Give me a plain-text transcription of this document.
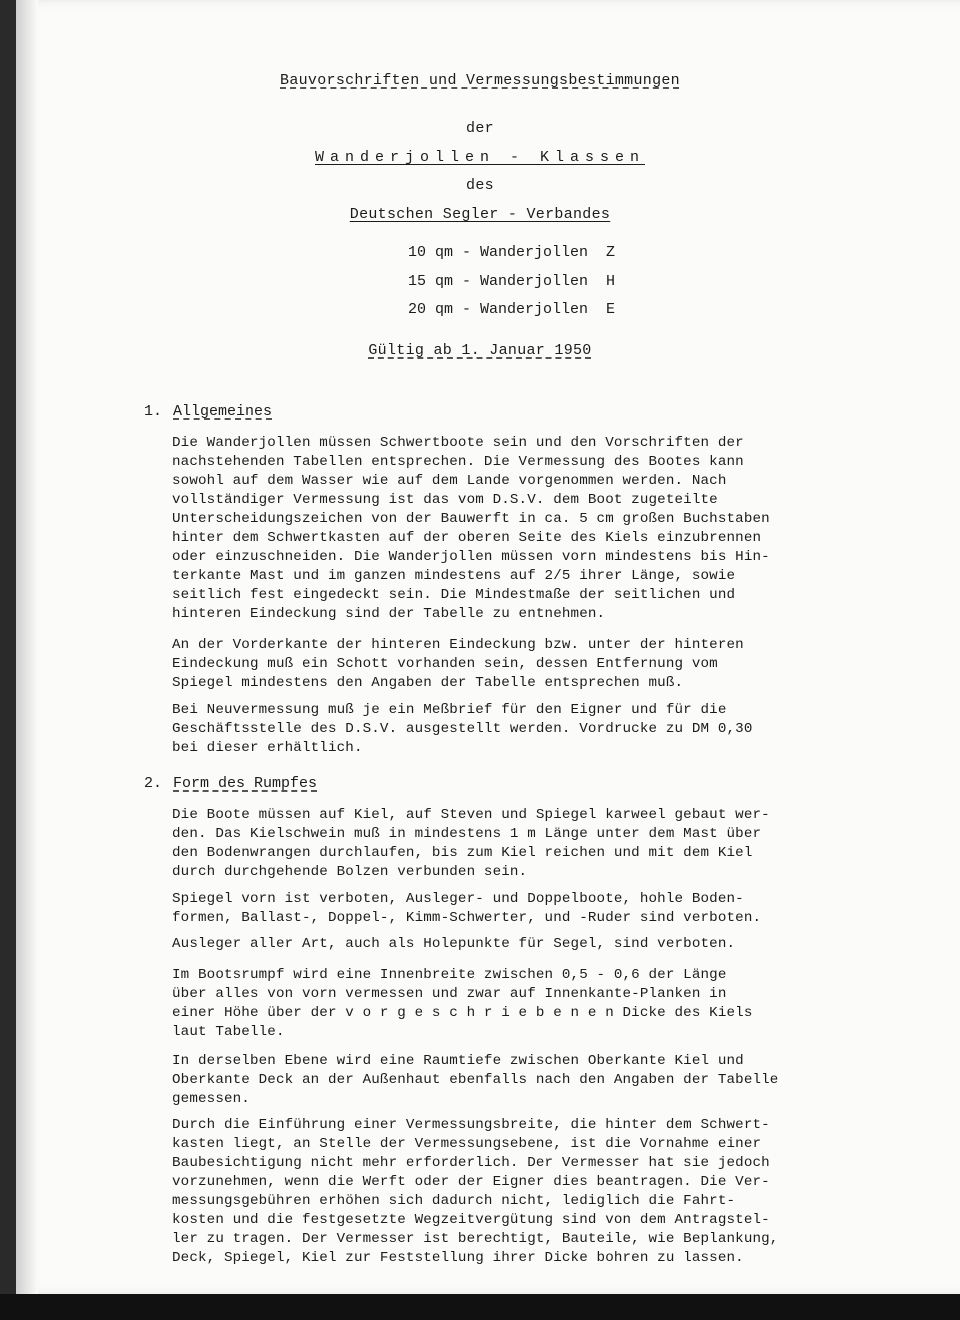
Bauvorschriften und Vermessungsbestimmungen
der
Wanderjollen - Klassen
des
Deutschen Segler - Verbandes
10 qm - Wanderjollen  Z
15 qm - Wanderjollen  H
20 qm - Wanderjollen  E
Gültig ab 1. Januar 1950
1. Allgemeines

Die Wanderjollen müssen Schwertboote sein und den Vorschriften der
nachstehenden Tabellen entsprechen. Die Vermessung des Bootes kann
sowohl auf dem Wasser wie auf dem Lande vorgenommen werden. Nach
vollständiger Vermessung ist das vom D.S.V. dem Boot zugeteilte
Unterscheidungszeichen von der Bauwerft in ca. 5 cm großen Buchstaben
hinter dem Schwertkasten auf der oberen Seite des Kiels einzubrennen
oder einzuschneiden. Die Wanderjollen müssen vorn mindestens bis Hin-
terkante Mast und im ganzen mindestens auf 2/5 ihrer Länge, sowie
seitlich fest eingedeckt sein. Die Mindestmaße der seitlichen und
hinteren Eindeckung sind der Tabelle zu entnehmen.

An der Vorderkante der hinteren Eindeckung bzw. unter der hinteren
Eindeckung muß ein Schott vorhanden sein, dessen Entfernung vom
Spiegel mindestens den Angaben der Tabelle entsprechen muß.

Bei Neuvermessung muß je ein Meßbrief für den Eigner und für die
Geschäftsstelle des D.S.V. ausgestellt werden. Vordrucke zu DM 0,30
bei dieser erhältlich.

2. Form des Rumpfes

Die Boote müssen auf Kiel, auf Steven und Spiegel karweel gebaut wer-
den. Das Kielschwein muß in mindestens 1 m Länge unter dem Mast über
den Bodenwrangen durchlaufen, bis zum Kiel reichen und mit dem Kiel
durch durchgehende Bolzen verbunden sein.

Spiegel vorn ist verboten, Ausleger- und Doppelboote, hohle Boden-
formen, Ballast-, Doppel-, Kimm-Schwerter, und -Ruder sind verboten.

Ausleger aller Art, auch als Holepunkte für Segel, sind verboten.

Im Bootsrumpf wird eine Innenbreite zwischen 0,5 - 0,6 der Länge
über alles von vorn vermessen und zwar auf Innenkante-Planken in
einer Höhe über der v o r g e s c h r i e b e n e n Dicke des Kiels
laut Tabelle.

In derselben Ebene wird eine Raumtiefe zwischen Oberkante Kiel und
Oberkante Deck an der Außenhaut ebenfalls nach den Angaben der Tabelle
gemessen.

Durch die Einführung einer Vermessungsbreite, die hinter dem Schwert-
kasten liegt, an Stelle der Vermessungsebene, ist die Vornahme einer
Baubesichtigung nicht mehr erforderlich. Der Vermesser hat sie jedoch
vorzunehmen, wenn die Werft oder der Eigner dies beantragen. Die Ver-
messungsgebühren erhöhen sich dadurch nicht, lediglich die Fahrt-
kosten und die festgesetzte Wegzeitvergütung sind von dem Antragstel-
ler zu tragen. Der Vermesser ist berechtigt, Bauteile, wie Beplankung,
Deck, Spiegel, Kiel zur Feststellung ihrer Dicke bohren zu lassen.
